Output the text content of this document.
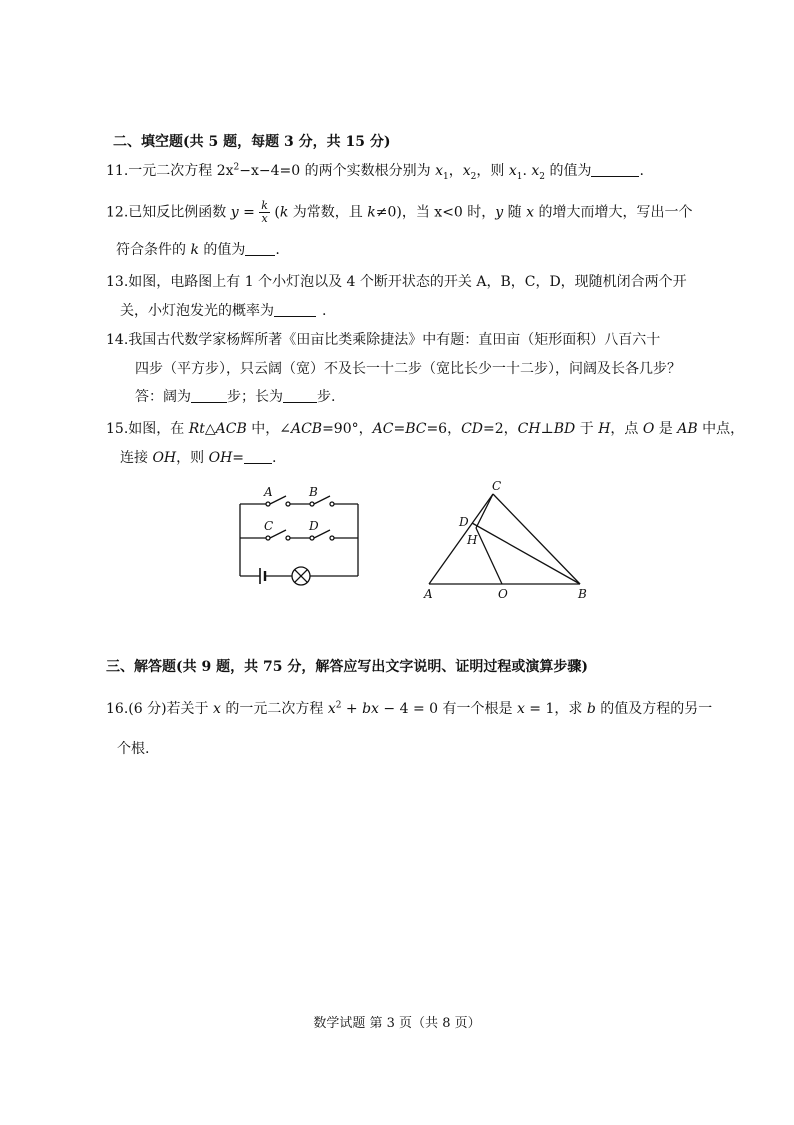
二、填空题(共 5 题，每题 3 分，共 15 分)
11.一元二次方程 $2x^2-x-4=0$ 的两个实数根分别为 $x_1$，$x_2$，则 $x_1$. $x_2$ 的值为	.
12.已知反比例函数 $y = \frac{k}{x} (k$ 为常数，且 k≠0)，当 x<0 时，y 随 x 的增大而增大，写出一个
符合条件的 k 的值为 .
13.如图，电路图上有 1 个小灯泡以及 4 个断开状态的开关 A，B，C，D，现随机闭合两个开
关，小灯泡发光的概率为	.
14.我国古代数学家杨辉所著《田亩比类乘除捷法》中有题：直田亩（矩形面积）八百六十
四步（平方步），只云阔（宽）不及长一十二步（宽比长少一十二步），问阔及长各几步？
答：阔为	步；长为 步.
15.如图，在 Rt△ACB 中，∠ACB=90°，AC=BC=6，CD=2，CH⊥BD 于 H，点 O 是 AB 中点，
连接 OH，则 OH= .
A	B
C	D
C
D
H
A	O	B
三、解答题(共 9 题，共 75 分，解答应写出文字说明、证明过程或演算步骤)
16.(6 分)若关于 x 的一元二次方程 $x^2$ + bx − 4 = 0 有一个根是 x = 1，求 b 的值及方程的另一
个根.
数学试题 第 3 页（共 8 页）
